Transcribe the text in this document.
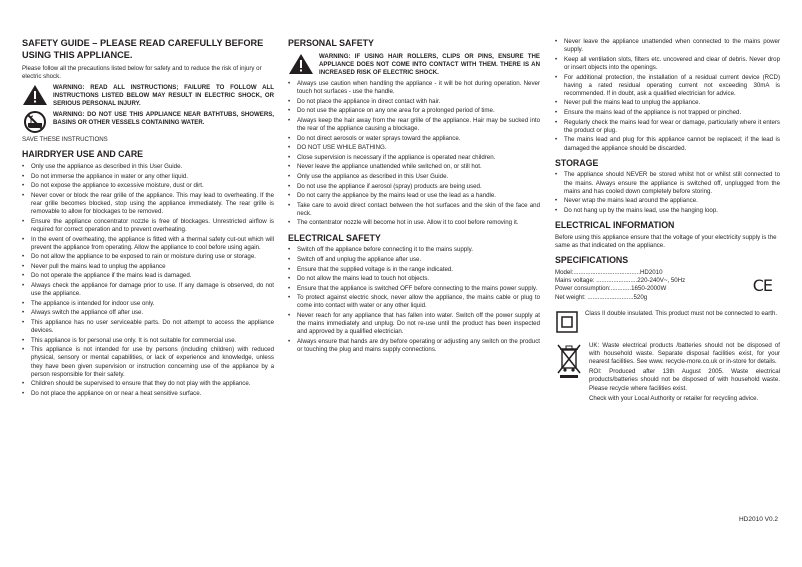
SAFETY GUIDE – PLEASE READ CAREFULLY BEFORE USING THIS APPLIANCE.

Please follow all the precautions listed below for safety and to reduce the risk of injury or electric shock.

WARNING: READ ALL INSTRUCTIONS; FAILURE TO FOLLOW ALL INSTRUCTIONS LISTED BELOW MAY RESULT IN ELECTRIC SHOCK, OR SERIOUS PERSONAL INJURY.
WARNING: DO NOT USE THIS APPLIANCE NEAR BATHTUBS, SHOWERS, BASINS OR OTHER VESSELS CONTAINING WATER.

SAVE THESE INSTRUCTIONS

HAIRDRYER USE AND CARE
• Only use the appliance as described in this User Guide.
• Do not immerse the appliance in water or any other liquid.
• Do not expose the appliance to excessive moisture, dust or dirt.
• Never cover or block the rear grille of the appliance. This may lead to overheating. If the rear grille becomes blocked, stop using the appliance immediately. The rear grille is removable to allow for blockages to be removed.
• Ensure the appliance concentrator nozzle is free of blockages. Unrestricted airflow is required for correct operation and to prevent overheating.
• In the event of overheating, the appliance is fitted with a thermal safety cut-out which will prevent the appliance from operating. Allow the appliance to cool before using again.
• Do not allow the appliance to be exposed to rain or moisture during use or storage.
• Never pull the mains lead to unplug the appliance
• Do not operate the appliance if the mains lead is damaged.
• Always check the appliance for damage prior to use. If any damage is observed, do not use the appliance.
• The appliance is intended for indoor use only.
• Always switch the appliance off after use.
• This appliance has no user serviceable parts. Do not attempt to access the appliance devices.
• This appliance is for personal use only. It is not suitable for commercial use.
• This appliance is not intended for use by persons (including children) with reduced physical, sensory or mental capabilities, or lack of experience and knowledge, unless they have been given supervision or instruction concerning use of the appliance by a person responsible for their safety.
• Children should be supervised to ensure that they do not play with the appliance.
• Do not place the appliance on or near a heat sensitive surface.
PERSONAL SAFETY
WARNING: IF USING HAIR ROLLERS, CLIPS OR PINS, ENSURE THE APPLIANCE DOES NOT COME INTO CONTACT WITH THEM. THERE IS AN INCREASED RISK OF ELECTRIC SHOCK.
• Always use caution when handling the appliance - it will be hot during operation. Never touch hot surfaces - use the handle.
• Do not place the appliance in direct contact with hair.
• Do not use the appliance on any one area for a prolonged period of time.
• Always keep the hair away from the rear grille of the appliance. Hair may be sucked into the rear of the appliance causing a blockage.
• Do not direct aerosols or water sprays toward the appliance.
• DO NOT USE WHILE BATHING.
• Close supervision is necessary if the appliance is operated near children.
• Never leave the appliance unattended while switched on, or still hot.
• Only use the appliance as described in this User Guide.
• Do not use the appliance if aerosol (spray) products are being used.
• Do not carry the appliance by the mains lead or use the lead as a handle.
• Take care to avoid direct contact between the hot surfaces and the skin of the face and neck.
• The contentrator nozzle will become hot in use. Allow it to cool before removing it.
ELECTRICAL SAFETY
• Switch off the appliance before connecting it to the mains supply.
• Switch off and unplug the appliance after use.
• Ensure that the supplied voltage is in the range indicated.
• Do not allow the mains lead to touch hot objects.
• Ensure that the appliance is switched OFF before connecting to the mains power supply.
• To protect against electric shock, never allow the appliance, the mains cable or plug to come into contact with water or any other liquid.
• Never reach for any appliance that has fallen into water. Switch off the power supply at the mains immediately and unplug. Do not re-use until the product has been inspected and approved by a qualified electrician.
• Always ensure that hands are dry before operating or adjusting any switch on the product or touching the plug and mains supply connections.
• Never leave the appliance unattended when connected to the mains power supply.
• Keep all ventilation slots, filters etc. uncovered and clear of debris. Never drop or insert objects into the openings.
• For additional protection, the installation of a residual current device (RCD) having a rated residual operating current not exceeding 30mA is recommended. If in doubt, ask a qualified electrician for advice.
• Never pull the mains lead to unplug the appliance.
• Ensure the mains lead of the appliance is not trapped or pinched.
• Regularly check the mains lead for wear or damage, particularly where it enters the product or plug.
• The mains lead and plug for this appliance cannot be replaced; if the lead is damaged the appliance should be discarded.
STORAGE
• The appliance should NEVER be stored whilst hot or whilst still connected to the mains. Always ensure the appliance is switched off, unplugged from the mains and has cooled down completely before storing.
• Never wrap the mains lead around the appliance.
• Do not hang up by the mains lead, use the hanging loop.
ELECTRICAL INFORMATION

Before using this appliance ensure that the voltage of your electricity supply is the same as that indicated on the appliance.

SPECIFICATIONS
Model:.......................................HD2010
Mains voltage: ........................220-240V~, 50Hz
Power consumption:............1650-2000W
Net weight: ...........................520g
CE
Class II double insulated. This product must not be connected to earth.

UK: Waste electrical products /batteries should not be disposed of with household waste. Separate disposal facilities exist, for your nearest facilities. See www. recycle-more.co.uk or in-store for details.

ROI: Produced after 13th August 2005. Waste electrical products/batteries should not be disposed of with household waste. Please recycle where facilities exist.

Check with your Local Authority or retailer for recycling advice.

HD2010 V0.2
